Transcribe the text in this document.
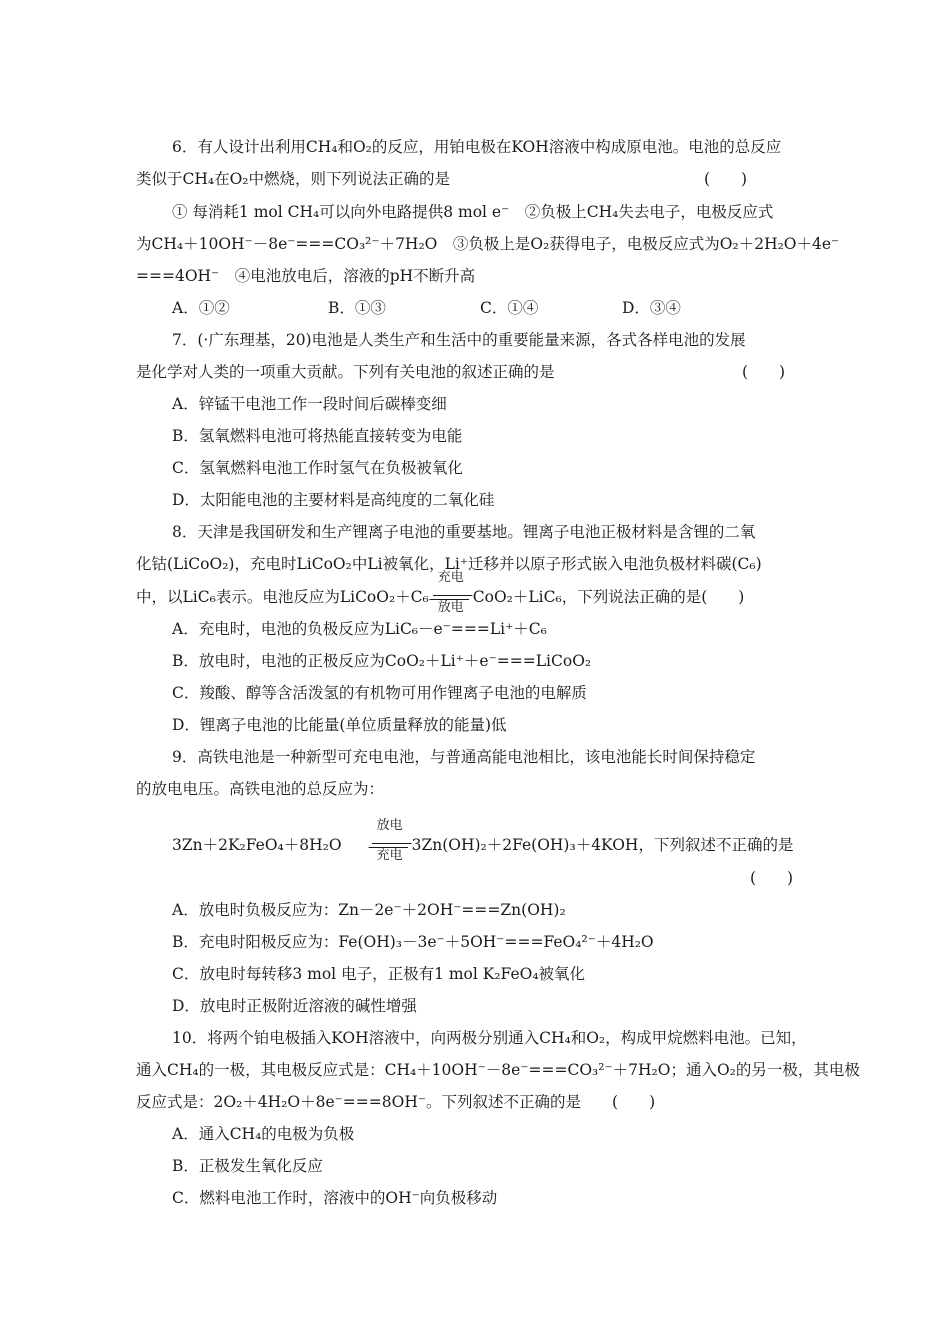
6．有人设计出利用CH₄和O₂的反应，用铂电极在KOH溶液中构成原电池。电池的总反应
类似于CH₄在O₂中燃烧，则下列说法正确的是	(　　)
① 每消耗1 mol CH₄可以向外电路提供8 mol e⁻　②负极上CH₄失去电子，电极反应式
为CH₄＋10OH⁻－8e⁻===CO₃²⁻＋7H₂O　③负极上是O₂获得电子，电极反应式为O₂＋2H₂O＋4e⁻
===4OH⁻　④电池放电后，溶液的pH不断升高
A．①②	B．①③	C．①④	D．③④
7．(·广东理基，20)电池是人类生产和生活中的重要能量来源，各式各样电池的发展
是化学对人类的一项重大贡献。下列有关电池的叙述正确的是	(　　)
A．锌锰干电池工作一段时间后碳棒变细
B．氢氧燃料电池可将热能直接转变为电能
C．氢氧燃料电池工作时氢气在负极被氧化
D．太阳能电池的主要材料是高纯度的二氧化硅
8．天津是我国研发和生产锂离子电池的重要基地。锂离子电池正极材料是含锂的二氧
化钴(LiCoO₂)，充电时LiCoO₂中Li被氧化，Li⁺迁移并以原子形式嵌入电池负极材料碳(C₆)
中，以LiC₆表示。电池反应为LiCoO₂＋C₆
充电
放电
CoO₂＋LiC₆，下列说法正确的是(　　)
A．充电时，电池的负极反应为LiC₆－e⁻===Li⁺＋C₆
B．放电时，电池的正极反应为CoO₂＋Li⁺＋e⁻===LiCoO₂
C．羧酸、醇等含活泼氢的有机物可用作锂离子电池的电解质
D．锂离子电池的比能量(单位质量释放的能量)低
9．高铁电池是一种新型可充电电池，与普通高能电池相比，该电池能长时间保持稳定
的放电电压。高铁电池的总反应为：
3Zn＋2K₂FeO₄＋8H₂O
放电
充电
3Zn(OH)₂＋2Fe(OH)₃＋4KOH，下列叙述不正确的是
(　　)
A．放电时负极反应为：Zn－2e⁻＋2OH⁻===Zn(OH)₂
B．充电时阳极反应为：Fe(OH)₃－3e⁻＋5OH⁻===FeO₄²⁻＋4H₂O
C．放电时每转移3 mol 电子，正极有1 mol K₂FeO₄被氧化
D．放电时正极附近溶液的碱性增强
10．将两个铂电极插入KOH溶液中，向两极分别通入CH₄和O₂，构成甲烷燃料电池。已知，
通入CH₄的一极，其电极反应式是：CH₄＋10OH⁻－8e⁻===CO₃²⁻＋7H₂O；通入O₂的另一极，其电极
反应式是：2O₂＋4H₂O＋8e⁻===8OH⁻。下列叙述不正确的是　　(　　)
A．通入CH₄的电极为负极
B．正极发生氧化反应
C．燃料电池工作时，溶液中的OH⁻向负极移动
